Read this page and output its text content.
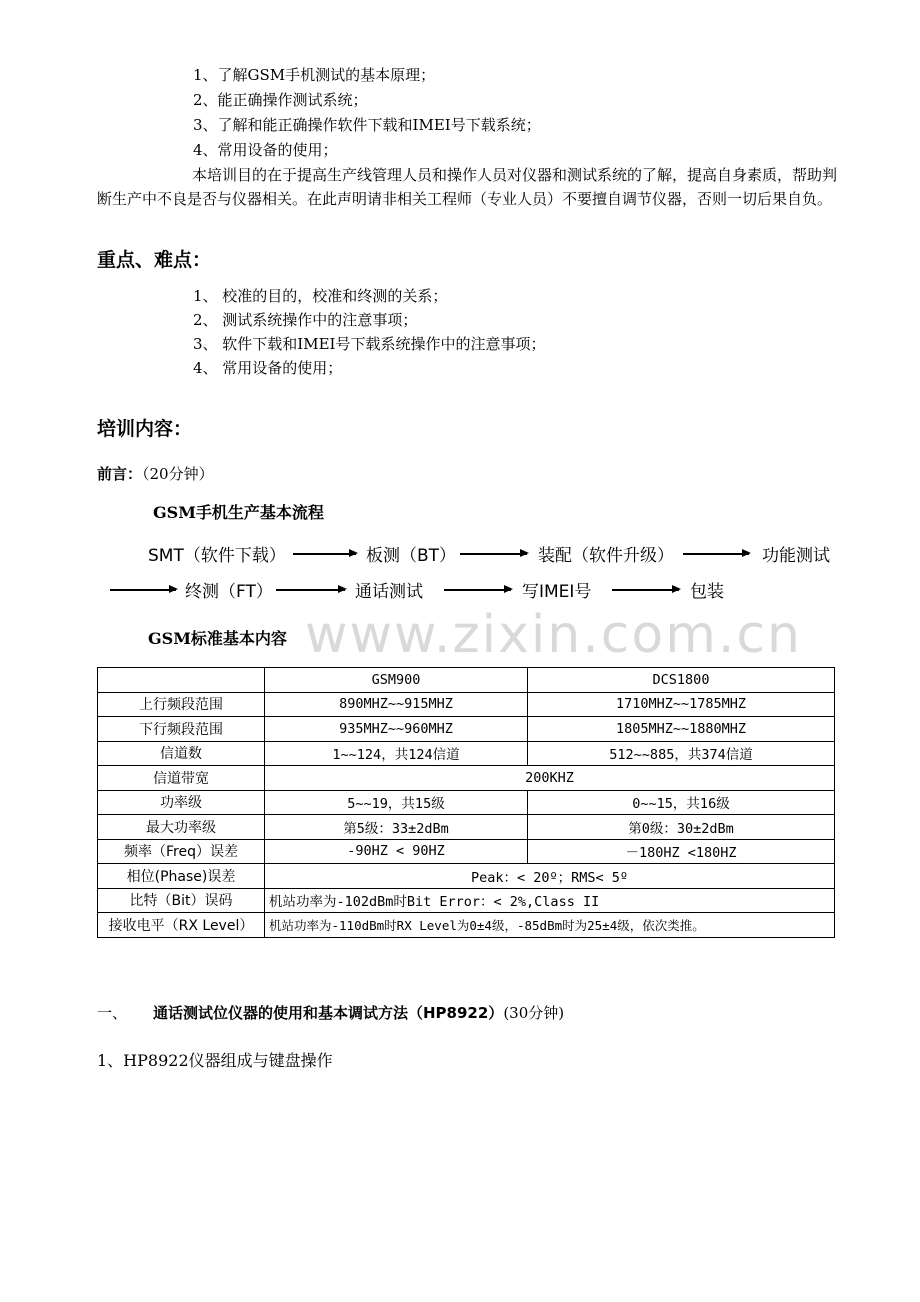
1、了解GSM手机测试的基本原理；
2、能正确操作测试系统；
3、了解和能正确操作软件下载和IMEI号下载系统；
4、常用设备的使用；
本培训目的在于提高生产线管理人员和操作人员对仪器和测试系统的了解，提高自身素质，帮助判断生产中不良是否与仪器相关。在此声明请非相关工程师（专业人员）不要擅自调节仪器，否则一切后果自负。
重点、难点：
1、 校准的目的，校准和终测的关系；
2、 测试系统操作中的注意事项；
3、 软件下载和IMEI号下载系统操作中的注意事项；
4、 常用设备的使用；
培训内容：
前言：（20分钟）
GSM手机生产基本流程
SMT（软件下载）	板测（BT）	装配（软件升级）	功能测试
终测（FT）	通话测试	写IMEI号	包装
www.zixin.com.cn
GSM标准基本内容
	GSM900	DCS1800
上行频段范围	890MHZ~~915MHZ	1710MHZ~~1785MHZ
下行频段范围	935MHZ~~960MHZ	1805MHZ~~1880MHZ
信道数	1~~124，共124信道	512~~885，共374信道
信道带宽	200KHZ	
功率级	5~~19，共15级	0~~15，共16级
最大功率级	第5级：33±2dBm	第0级：30±2dBm
频率（Freq）误差	-90HZ < 90HZ	－180HZ <180HZ
相位(Phase)误差	Peak：< 20º；RMS< 5º	
比特（Bit）误码	机站功率为-102dBm时Bit Error：< 2%,Class II	
接收电平（RX Level）	机站功率为-110dBm时RX Level为0±4级，-85dBm时为25±4级，依次类推。	
一、 通话测试位仪器的使用和基本调试方法（HP8922）(30分钟)
1、HP8922仪器组成与键盘操作
